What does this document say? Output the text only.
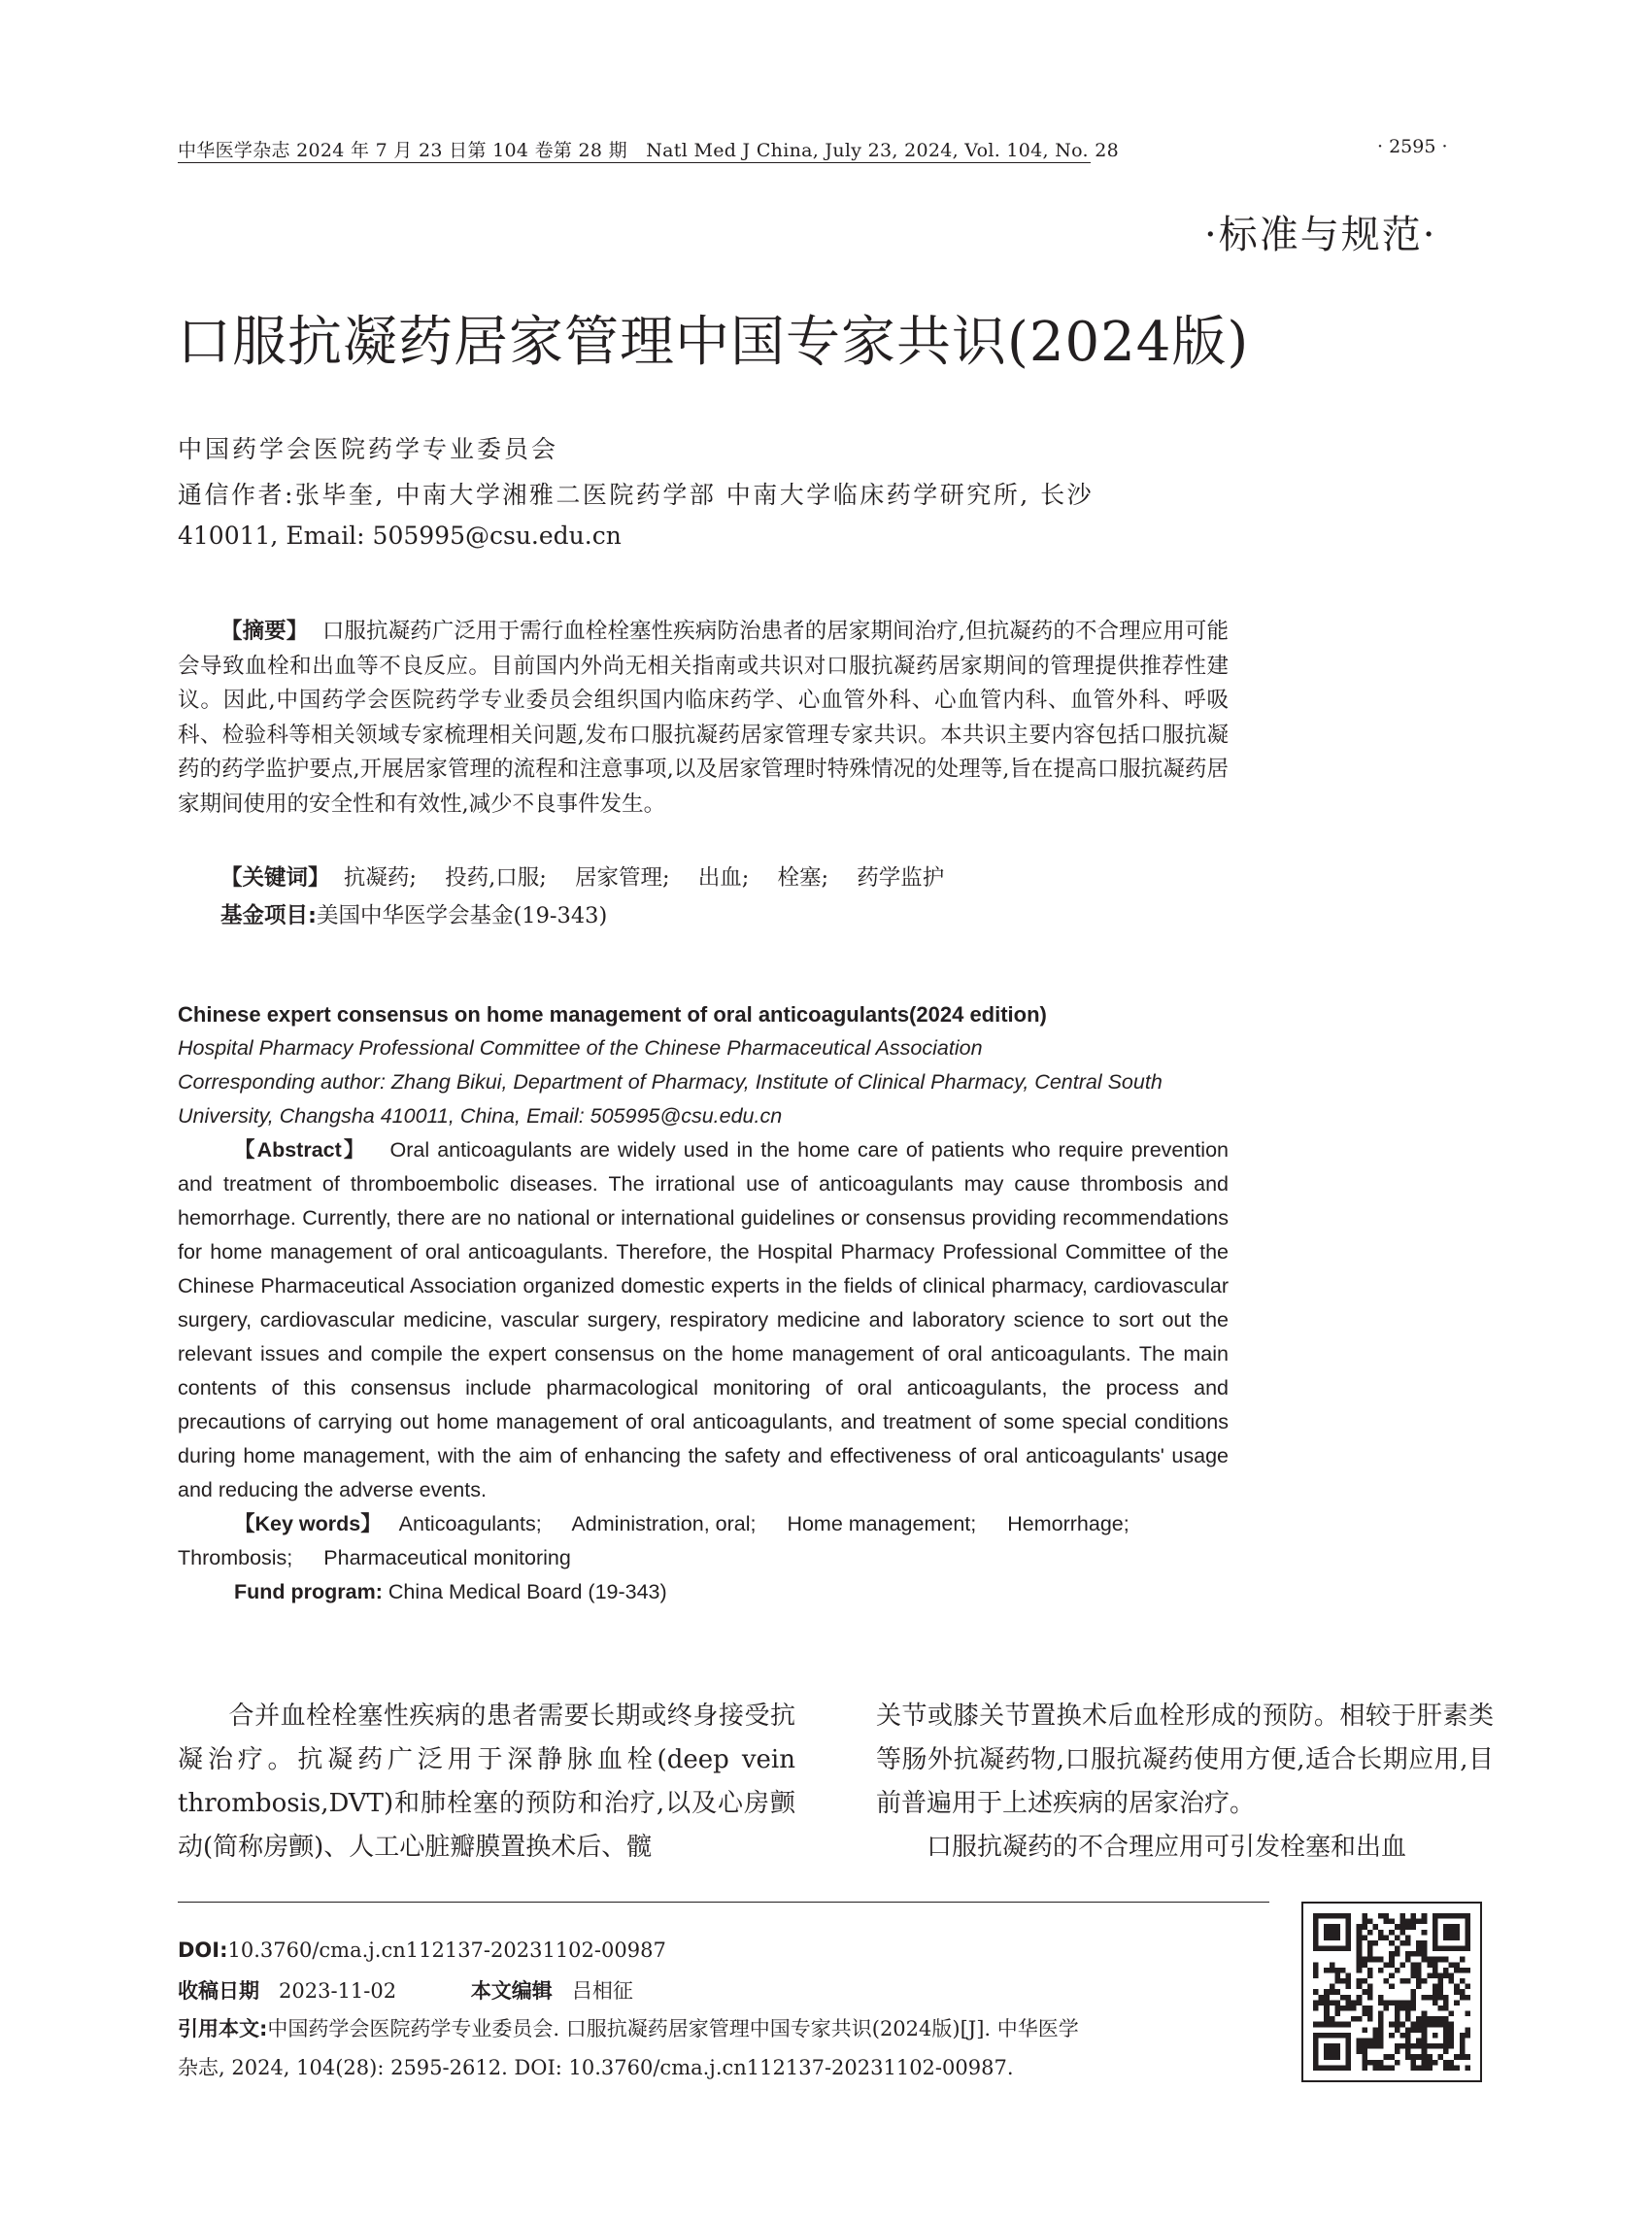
中华医学杂志 2024 年 7 月 23 日第 104 卷第 28 期　Natl Med J China, July 23, 2024, Vol. 104, No. 28	· 2595 ·
·标准与规范·
口服抗凝药居家管理中国专家共识(2024版)
中国药学会医院药学专业委员会
通信作者:张毕奎, 中南大学湘雅二医院药学部 中南大学临床药学研究所, 长沙
410011, Email: 505995@csu.edu.cn

【摘要】 口服抗凝药广泛用于需行血栓栓塞性疾病防治患者的居家期间治疗,但抗凝药的不合理应用可能会导致血栓和出血等不良反应。目前国内外尚无相关指南或共识对口服抗凝药居家期间的管理提供推荐性建议。因此,中国药学会医院药学专业委员会组织国内临床药学、心血管外科、心血管内科、血管外科、呼吸科、检验科等相关领域专家梳理相关问题,发布口服抗凝药居家管理专家共识。本共识主要内容包括口服抗凝药的药学监护要点,开展居家管理的流程和注意事项,以及居家管理时特殊情况的处理等,旨在提高口服抗凝药居家期间使用的安全性和有效性,减少不良事件发生。

【关键词】 抗凝药; 投药,口服; 居家管理; 出血; 栓塞; 药学监护
基金项目:美国中华医学会基金(19-343)
Chinese expert consensus on home management of oral anticoagulants(2024 edition)
Hospital Pharmacy Professional Committee of the Chinese Pharmaceutical Association
Corresponding author: Zhang Bikui, Department of Pharmacy, Institute of Clinical Pharmacy, Central South University, Changsha 410011, China, Email: 505995@csu.edu.cn

【Abstract】 Oral anticoagulants are widely used in the home care of patients who require prevention and treatment of thromboembolic diseases. The irrational use of anticoagulants may cause thrombosis and hemorrhage. Currently, there are no national or international guidelines or consensus providing recommendations for home management of oral anticoagulants. Therefore, the Hospital Pharmacy Professional Committee of the Chinese Pharmaceutical Association organized domestic experts in the fields of clinical pharmacy, cardiovascular surgery, cardiovascular medicine, vascular surgery, respiratory medicine and laboratory science to sort out the relevant issues and compile the expert consensus on the home management of oral anticoagulants. The main contents of this consensus include pharmacological monitoring of oral anticoagulants, the process and precautions of carrying out home management of oral anticoagulants, and treatment of some special conditions during home management, with the aim of enhancing the safety and effectiveness of oral anticoagulants' usage and reducing the adverse events.

【Key words】 Anticoagulants; Administration, oral; Home management; Hemorrhage; Thrombosis; Pharmaceutical monitoring

Fund program: China Medical Board (19-343)

合并血栓栓塞性疾病的患者需要长期或终身接受抗凝治疗。抗凝药广泛用于深静脉血栓(deep vein thrombosis,DVT)和肺栓塞的预防和治疗,以及心房颤动(简称房颤)、人工心脏瓣膜置换术后、髋

关节或膝关节置换术后血栓形成的预防。相较于肝素类等肠外抗凝药物,口服抗凝药使用方便,适合长期应用,目前普遍用于上述疾病的居家治疗。
口服抗凝药的不合理应用可引发栓塞和出血

DOI:10.3760/cma.j.cn112137-20231102-00987
收稿日期 2023-11-02	本文编辑 吕相征
引用本文:中国药学会医院药学专业委员会. 口服抗凝药居家管理中国专家共识(2024版)[J]. 中华医学
杂志, 2024, 104(28): 2595-2612. DOI: 10.3760/cma.j.cn112137-20231102-00987.
